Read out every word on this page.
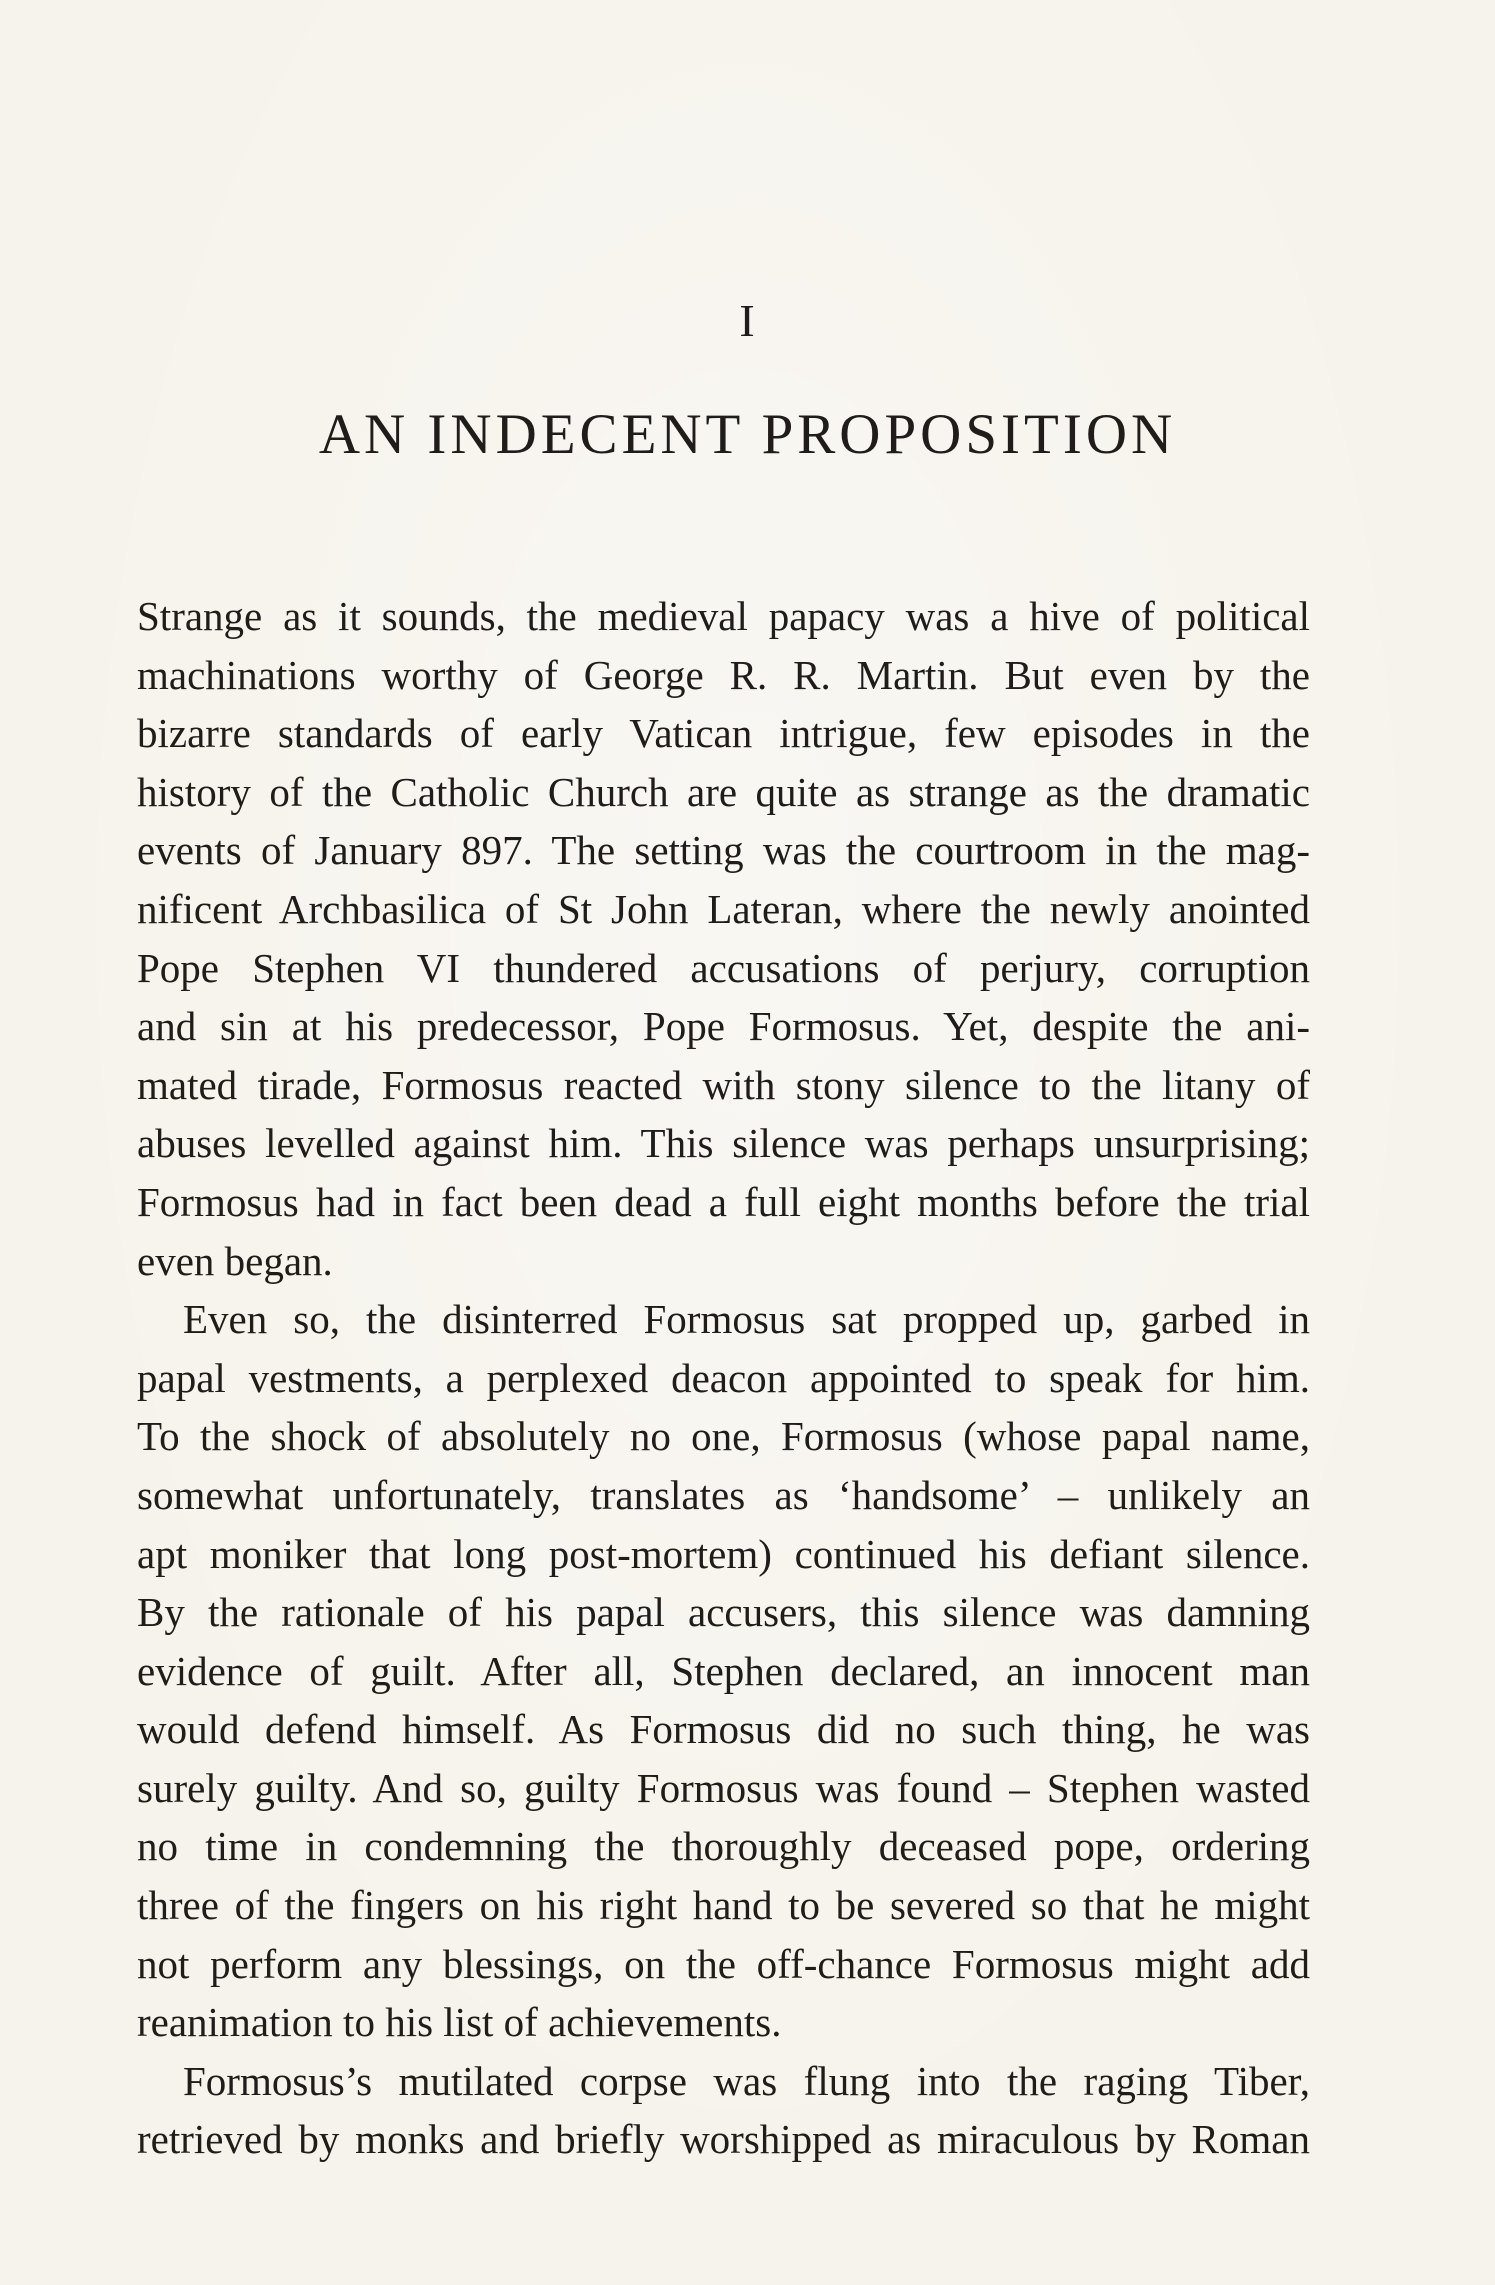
I
AN INDECENT PROPOSITION
Strange as it sounds, the medieval papacy was a hive of political
machinations worthy of George R. R. Martin. But even by the
bizarre standards of early Vatican intrigue, few episodes in the
history of the Catholic Church are quite as strange as the dramatic
events of January 897. The setting was the courtroom in the mag-
nificent Archbasilica of St John Lateran, where the newly anointed
Pope Stephen VI thundered accusations of perjury, corruption
and sin at his predecessor, Pope Formosus. Yet, despite the ani-
mated tirade, Formosus reacted with stony silence to the litany of
abuses levelled against him. This silence was perhaps unsurprising;
Formosus had in fact been dead a full eight months before the trial
even began.
Even so, the disinterred Formosus sat propped up, garbed in
papal vestments, a perplexed deacon appointed to speak for him.
To the shock of absolutely no one, Formosus (whose papal name,
somewhat unfortunately, translates as ‘handsome’ – unlikely an
apt moniker that long post-mortem) continued his defiant silence.
By the rationale of his papal accusers, this silence was damning
evidence of guilt. After all, Stephen declared, an innocent man
would defend himself. As Formosus did no such thing, he was
surely guilty. And so, guilty Formosus was found – Stephen wasted
no time in condemning the thoroughly deceased pope, ordering
three of the fingers on his right hand to be severed so that he might
not perform any blessings, on the off-chance Formosus might add
reanimation to his list of achievements.
Formosus’s mutilated corpse was flung into the raging Tiber,
retrieved by monks and briefly worshipped as miraculous by Roman
